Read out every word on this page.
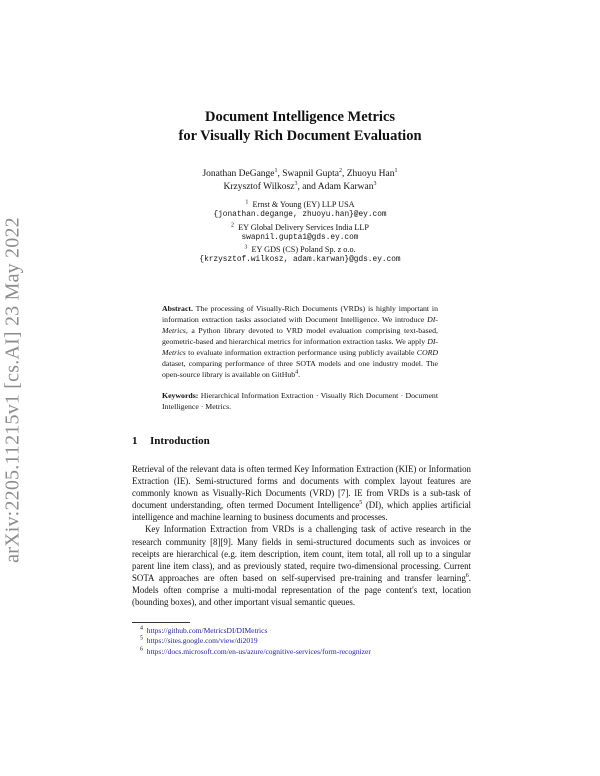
arXiv:2205.11215v1 [cs.AI] 23 May 2022
Document Intelligence Metrics
for Visually Rich Document Evaluation
Jonathan DeGange$^1$, Swapnil Gupta$^2$, Zhuoyu Han$^1$
Krzysztof Wilkosz$^3$, and Adam Karwan$^3$
$^1$ Ernst & Young (EY) LLP USA
{jonathan.degange, zhuoyu.han}@ey.com
$^2$ EY Global Delivery Services India LLP
swapnil.gupta1@gds.ey.com
$^3$ EY GDS (CS) Poland Sp. z o.o.
{krzysztof.wilkosz, adam.karwan}@gds.ey.com
Abstract. The processing of Visually-Rich Documents (VRDs) is highly important in information extraction tasks associated with Document Intelligence. We introduce DI-Metrics, a Python library devoted to VRD model evaluation comprising text-based, geometric-based and hierarchical metrics for information extraction tasks. We apply DI-Metrics to evaluate information extraction performance using publicly available CORD dataset, comparing performance of three SOTA models and one industry model. The open-source library is available on GitHub$^4$.
Keywords: Hierarchical Information Extraction · Visually Rich Document · Document Intelligence · Metrics.
1 Introduction

Retrieval of the relevant data is often termed Key Information Extraction (KIE) or Information Extraction (IE). Semi-structured forms and documents with complex layout features are commonly known as Visually-Rich Documents (VRD) [7]. IE from VRDs is a sub-task of document understanding, often termed Document Intelligence$^5$ (DI), which applies artificial intelligence and machine learning to business documents and processes.

Key Information Extraction from VRDs is a challenging task of active research in the research community [8][9]. Many fields in semi-structured documents such as invoices or receipts are hierarchical (e.g. item description, item count, item total, all roll up to a singular parent line item class), and as previously stated, require two-dimensional processing. Current SOTA approaches are often based on self-supervised pre-training and transfer learning$^6$. Models often comprise a multi-modal representation of the page content's text, location (bounding boxes), and other important visual semantic queues.

$^4$ https://github.com/MetricsDI/DIMetrics
$^5$ https://sites.google.com/view/di2019
$^6$ https://docs.microsoft.com/en-us/azure/cognitive-services/form-recognizer
